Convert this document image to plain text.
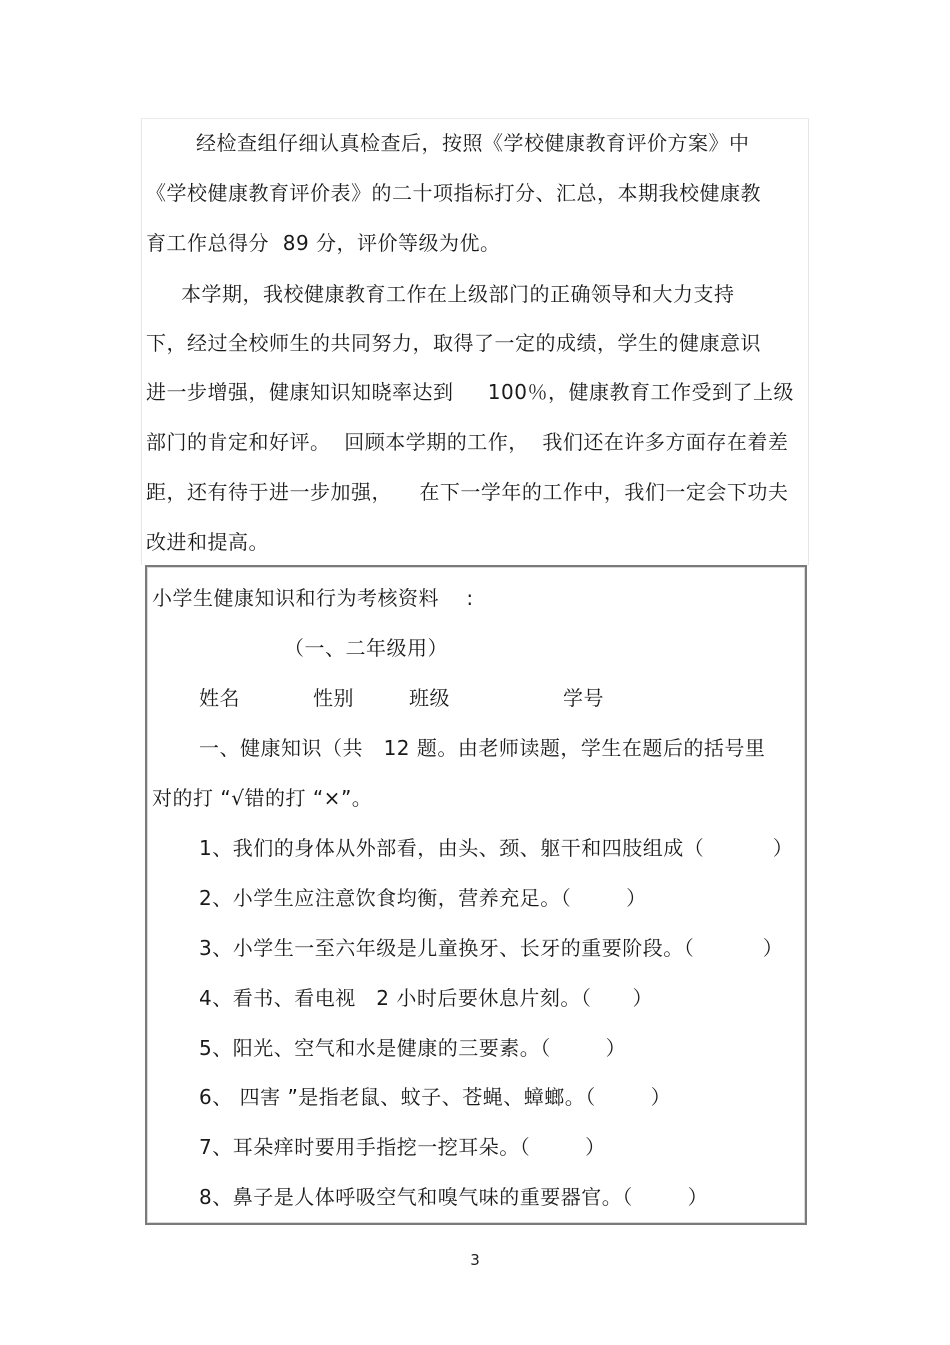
经检查组仔细认真检查后，按照《学校健康教育评价方案》中
《学校健康教育评价表》的二十项指标打分、汇总，本期我校健康教
育工作总得分  89 分，评价等级为优。
本学期，我校健康教育工作在上级部门的正确领导和大力支持
下，经过全校师生的共同努力，取得了一定的成绩，学生的健康意识
进一步增强，健康知识知晓率达到     100％，健康教育工作受到了上级
部门的肯定和好评。  回顾本学期的工作，  我们还在许多方面存在着差
距，还有待于进一步加强，    在下一学年的工作中，我们一定会下功夫
改进和提高。
小学生健康知识和行为考核资料    :
（一、二年级用）
姓名	性别	班级	学号
一、健康知识（共   12 题。由老师读题，学生在题后的括号里
对的打 “√错的打 “×”。
1、我们的身体从外部看，由头、颈、躯干和四肢组成（          ）
2、小学生应注意饮食均衡，营养充足。（        ）
3、小学生一至六年级是儿童换牙、长牙的重要阶段。（          ）
4、看书、看电视   2 小时后要休息片刻。（      ）
5、阳光、空气和水是健康的三要素。（        ）
6、 四害 ”是指老鼠、蚊子、苍蝇、蟑螂。（        ）
7、耳朵痒时要用手指挖一挖耳朵。（        ）
8、鼻子是人体呼吸空气和嗅气味的重要器官。（        ）
3
